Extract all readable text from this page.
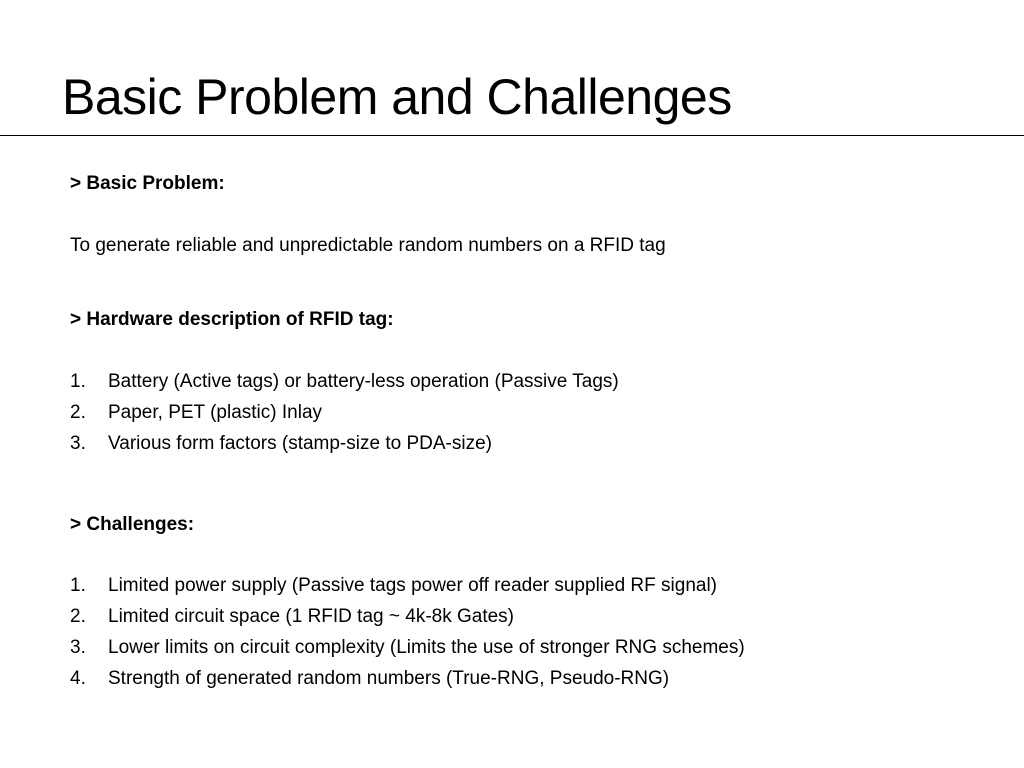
Basic Problem and Challenges
> Basic Problem:
To generate reliable and unpredictable random numbers on a RFID tag
> Hardware description of RFID tag:
1. Battery (Active tags) or battery-less operation (Passive Tags)
2. Paper, PET (plastic) Inlay
3. Various form factors (stamp-size to PDA-size)
> Challenges:
1. Limited power supply (Passive tags power off reader supplied RF signal)
2. Limited circuit space (1 RFID tag ~ 4k-8k Gates)
3. Lower limits on circuit complexity (Limits the use of stronger RNG schemes)
4. Strength of generated random numbers (True-RNG, Pseudo-RNG)
